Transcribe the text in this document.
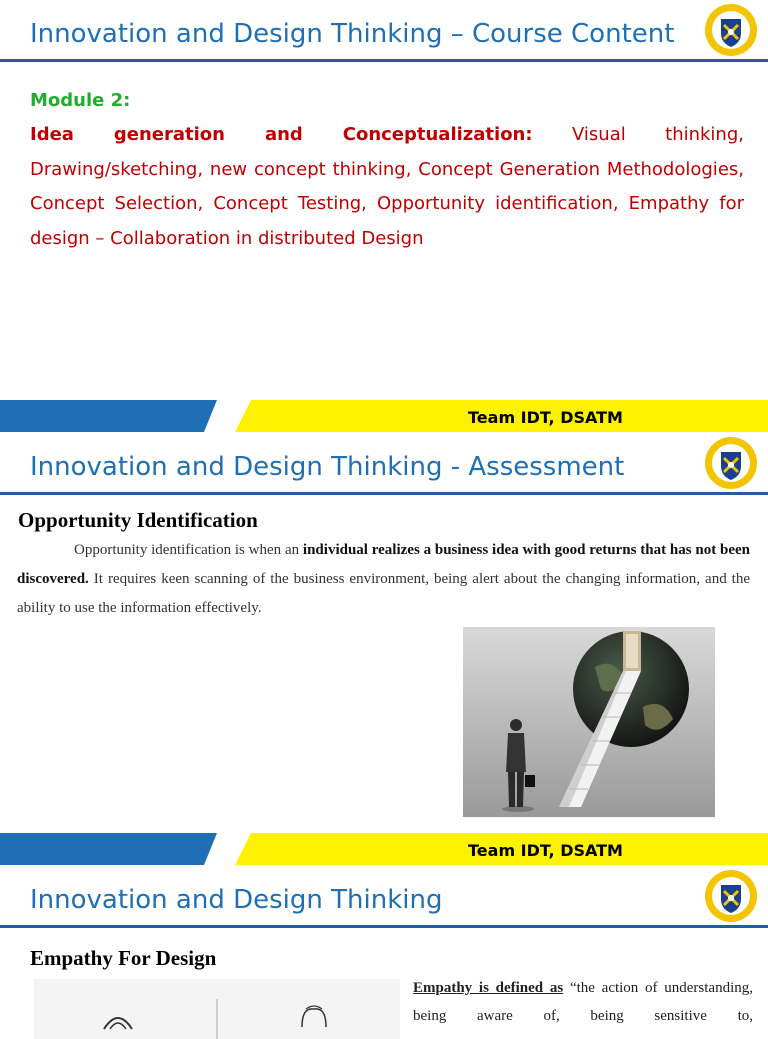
Innovation and Design Thinking – Course Content
Module 2:
Idea generation and Conceptualization: Visual thinking, Drawing/sketching, new concept thinking, Concept Generation Methodologies, Concept Selection, Concept Testing, Opportunity identification, Empathy for design – Collaboration in distributed Design
Team IDT, DSATM
Innovation and Design Thinking - Assessment
Team IDT, DSATM
Opportunity Identification
Opportunity identification is when an individual realizes a business idea with good returns that has not been discovered. It requires keen scanning of the business environment, being alert about the changing information, and the ability to use the information effectively.
Innovation and Design Thinking
Empathy For Design
Empathy is defined as “the action of understanding, being aware of, being sensitive to,
